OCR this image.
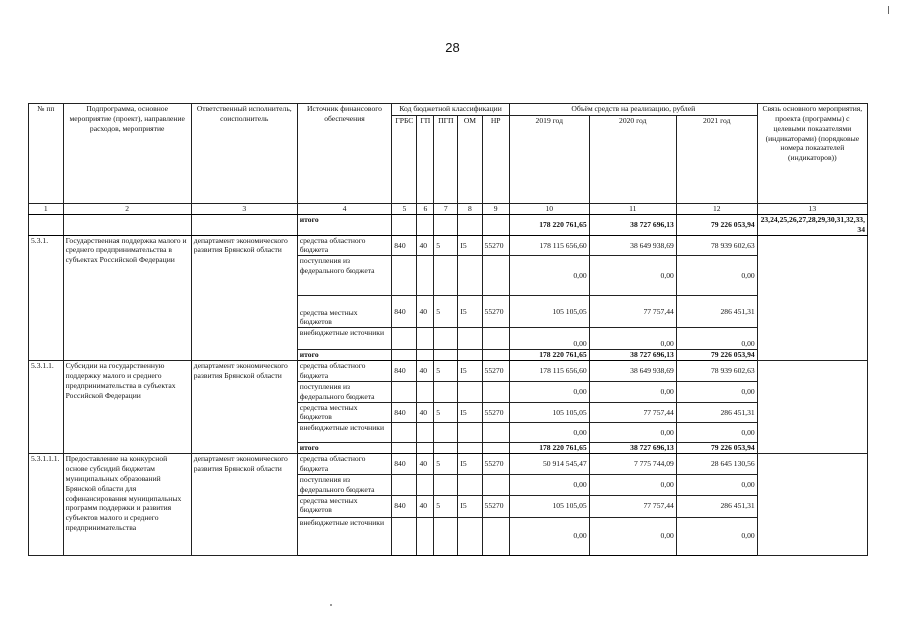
28
№ пп	Подпрограмма, основное мероприятие (проект), направление расходов, мероприятие	Ответственный исполнитель, соисполнитель	Источник финансового обеспечения	Код бюджетной классификации					Объём средств на реализацию, рублей			Связь основного мероприятия, проекта (программы) с целевыми показателями (индикаторами) (порядковые номера показателей (индикаторов))
				ГРБС	ГП	ПГП	ОМ	НР	2019 год	2020 год	2021 год	
1	2	3	4	5	6	7	8	9	10	11	12	13
			итого						178 220 761,65	38 727 696,13	79 226 053,94	23,24,25,26,27,28,29,30,31,32,33,34
5.3.1.	Государственная поддержка малого и среднего предпринимательства в субъектах Российской Федерации	департамент экономического развития Брянской области	средства областного бюджета	840	40	5	I5	55270	178 115 656,60	38 649 938,69	78 939 602,63	
			поступления из федерального бюджета						0,00	0,00	0,00	
			средства местных бюджетов	840	40	5	I5	55270	105 105,05	77 757,44	286 451,31	
			внебюджетные источники						0,00	0,00	0,00	
			итого						178 220 761,65	38 727 696,13	79 226 053,94	
5.3.1.1.	Субсидии на государственную поддержку малого и среднего предпринимательства в субъектах Российской Федерации	департамент экономического развития Брянской области	средства областного бюджета	840	40	5	I5	55270	178 115 656,60	38 649 938,69	78 939 602,63	
			поступления из федерального бюджета						0,00	0,00	0,00	
			средства местных бюджетов	840	40	5	I5	55270	105 105,05	77 757,44	286 451,31	
			внебюджетные источники						0,00	0,00	0,00	
			итого						178 220 761,65	38 727 696,13	79 226 053,94	
5.3.1.1.1.	Предоставление на конкурсной основе субсидий бюджетам муниципальных образований Брянской области для софинансирования муниципальных программ поддержки и развития субъектов малого и среднего предпринимательства	департамент экономического развития Брянской области	средства областного бюджета	840	40	5	I5	55270	50 914 545,47	7 775 744,09	28 645 130,56	
			поступления из федерального бюджета						0,00	0,00	0,00	
			средства местных бюджетов	840	40	5	I5	55270	105 105,05	77 757,44	286 451,31	
			внебюджетные источники						0,00	0,00	0,00	
